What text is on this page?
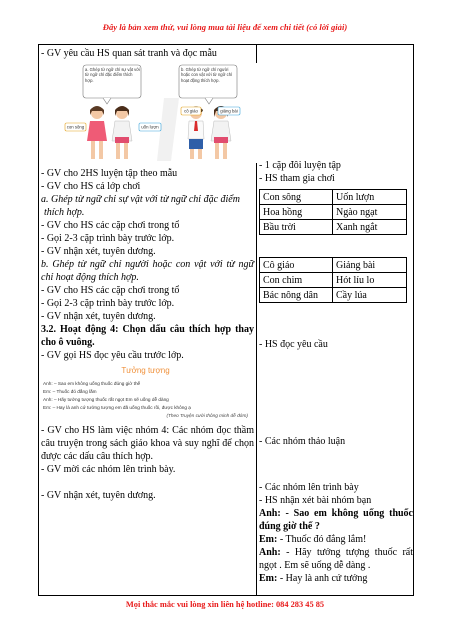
Đây là bản xem thử, vui lòng mua tài liệu để xem chi tiết (có lời giải)

- GV yêu cầu HS quan sát tranh và đọc mẫu

a. Ghép từ ngữ chỉ sự vật với từ ngữ chỉ đặc điểm thích hợp.
b. Ghép từ ngữ chỉ người hoặc con vật với từ ngữ chỉ hoạt động thích hợp.
con sông	uốn lượn
cô giáo	giảng bài

- GV cho 2HS luyện tập theo mẫu

- GV cho HS cả lớp chơi

a. Ghép từ ngữ chỉ sự vật với từ ngữ chỉ đặc điểm

thích hợp.

- GV cho HS các cặp chơi trong tổ

- Gọi 2-3 cặp trình bày trước lớp.

- GV nhận xét, tuyên dương.

b. Ghép từ ngữ chỉ người hoặc con vật với từ ngữ chỉ hoạt động thích hợp.

- GV cho HS các cặp chơi trong tổ

- Gọi 2-3 cặp trình bày trước lớp.

- GV nhận xét, tuyên dương.

3.2. Hoạt động 4: Chọn dấu câu thích hợp thay cho ô vuông.

- GV gọi HS đọc yêu cầu trước lớp.

Tưởng tượng
Anh: – Sao em không uống thuốc đúng giờ thế
Em: – Thuốc đó đắng lắm
Anh: – Hãy tưởng tượng thuốc rất ngọt Em sẽ uống dễ dàng
Em: – Hay là anh cứ tưởng tượng em đã uống thuốc rồi, được không ạ
(Theo Truyện cười thông minh dễ đớm)

- GV cho HS làm việc nhóm 4: Các nhóm đọc thầm câu truyện trong sách giáo khoa và suy nghĩ để chọn được các dấu câu thích hợp.

- GV mời các nhóm lên trình bày.

- GV nhận xét, tuyên dương.

- 1 cặp đôi luyện tập

- HS tham gia chơi

Con sông	Uốn lượn
Hoa hồng	Ngào ngạt
Bầu trời	Xanh ngắt
Cô giáo	Giảng bài
Con chim	Hót líu lo
Bác nông dân	Cầy lúa

- HS đọc yêu cầu

- Các nhóm thảo luận

- Các nhóm lên trình bày

- HS nhận xét bài nhóm bạn

Anh: - Sao em không uống thuốc đúng giờ thế ?

Em: - Thuốc đó đắng lắm!

Anh: - Hãy tưởng tượng thuốc rất ngọt . Em sẽ uống dễ dàng .

Em: - Hay là anh cứ tưởng

Mọi thắc mắc vui lòng xin liên hệ hotline: 084 283 45 85
